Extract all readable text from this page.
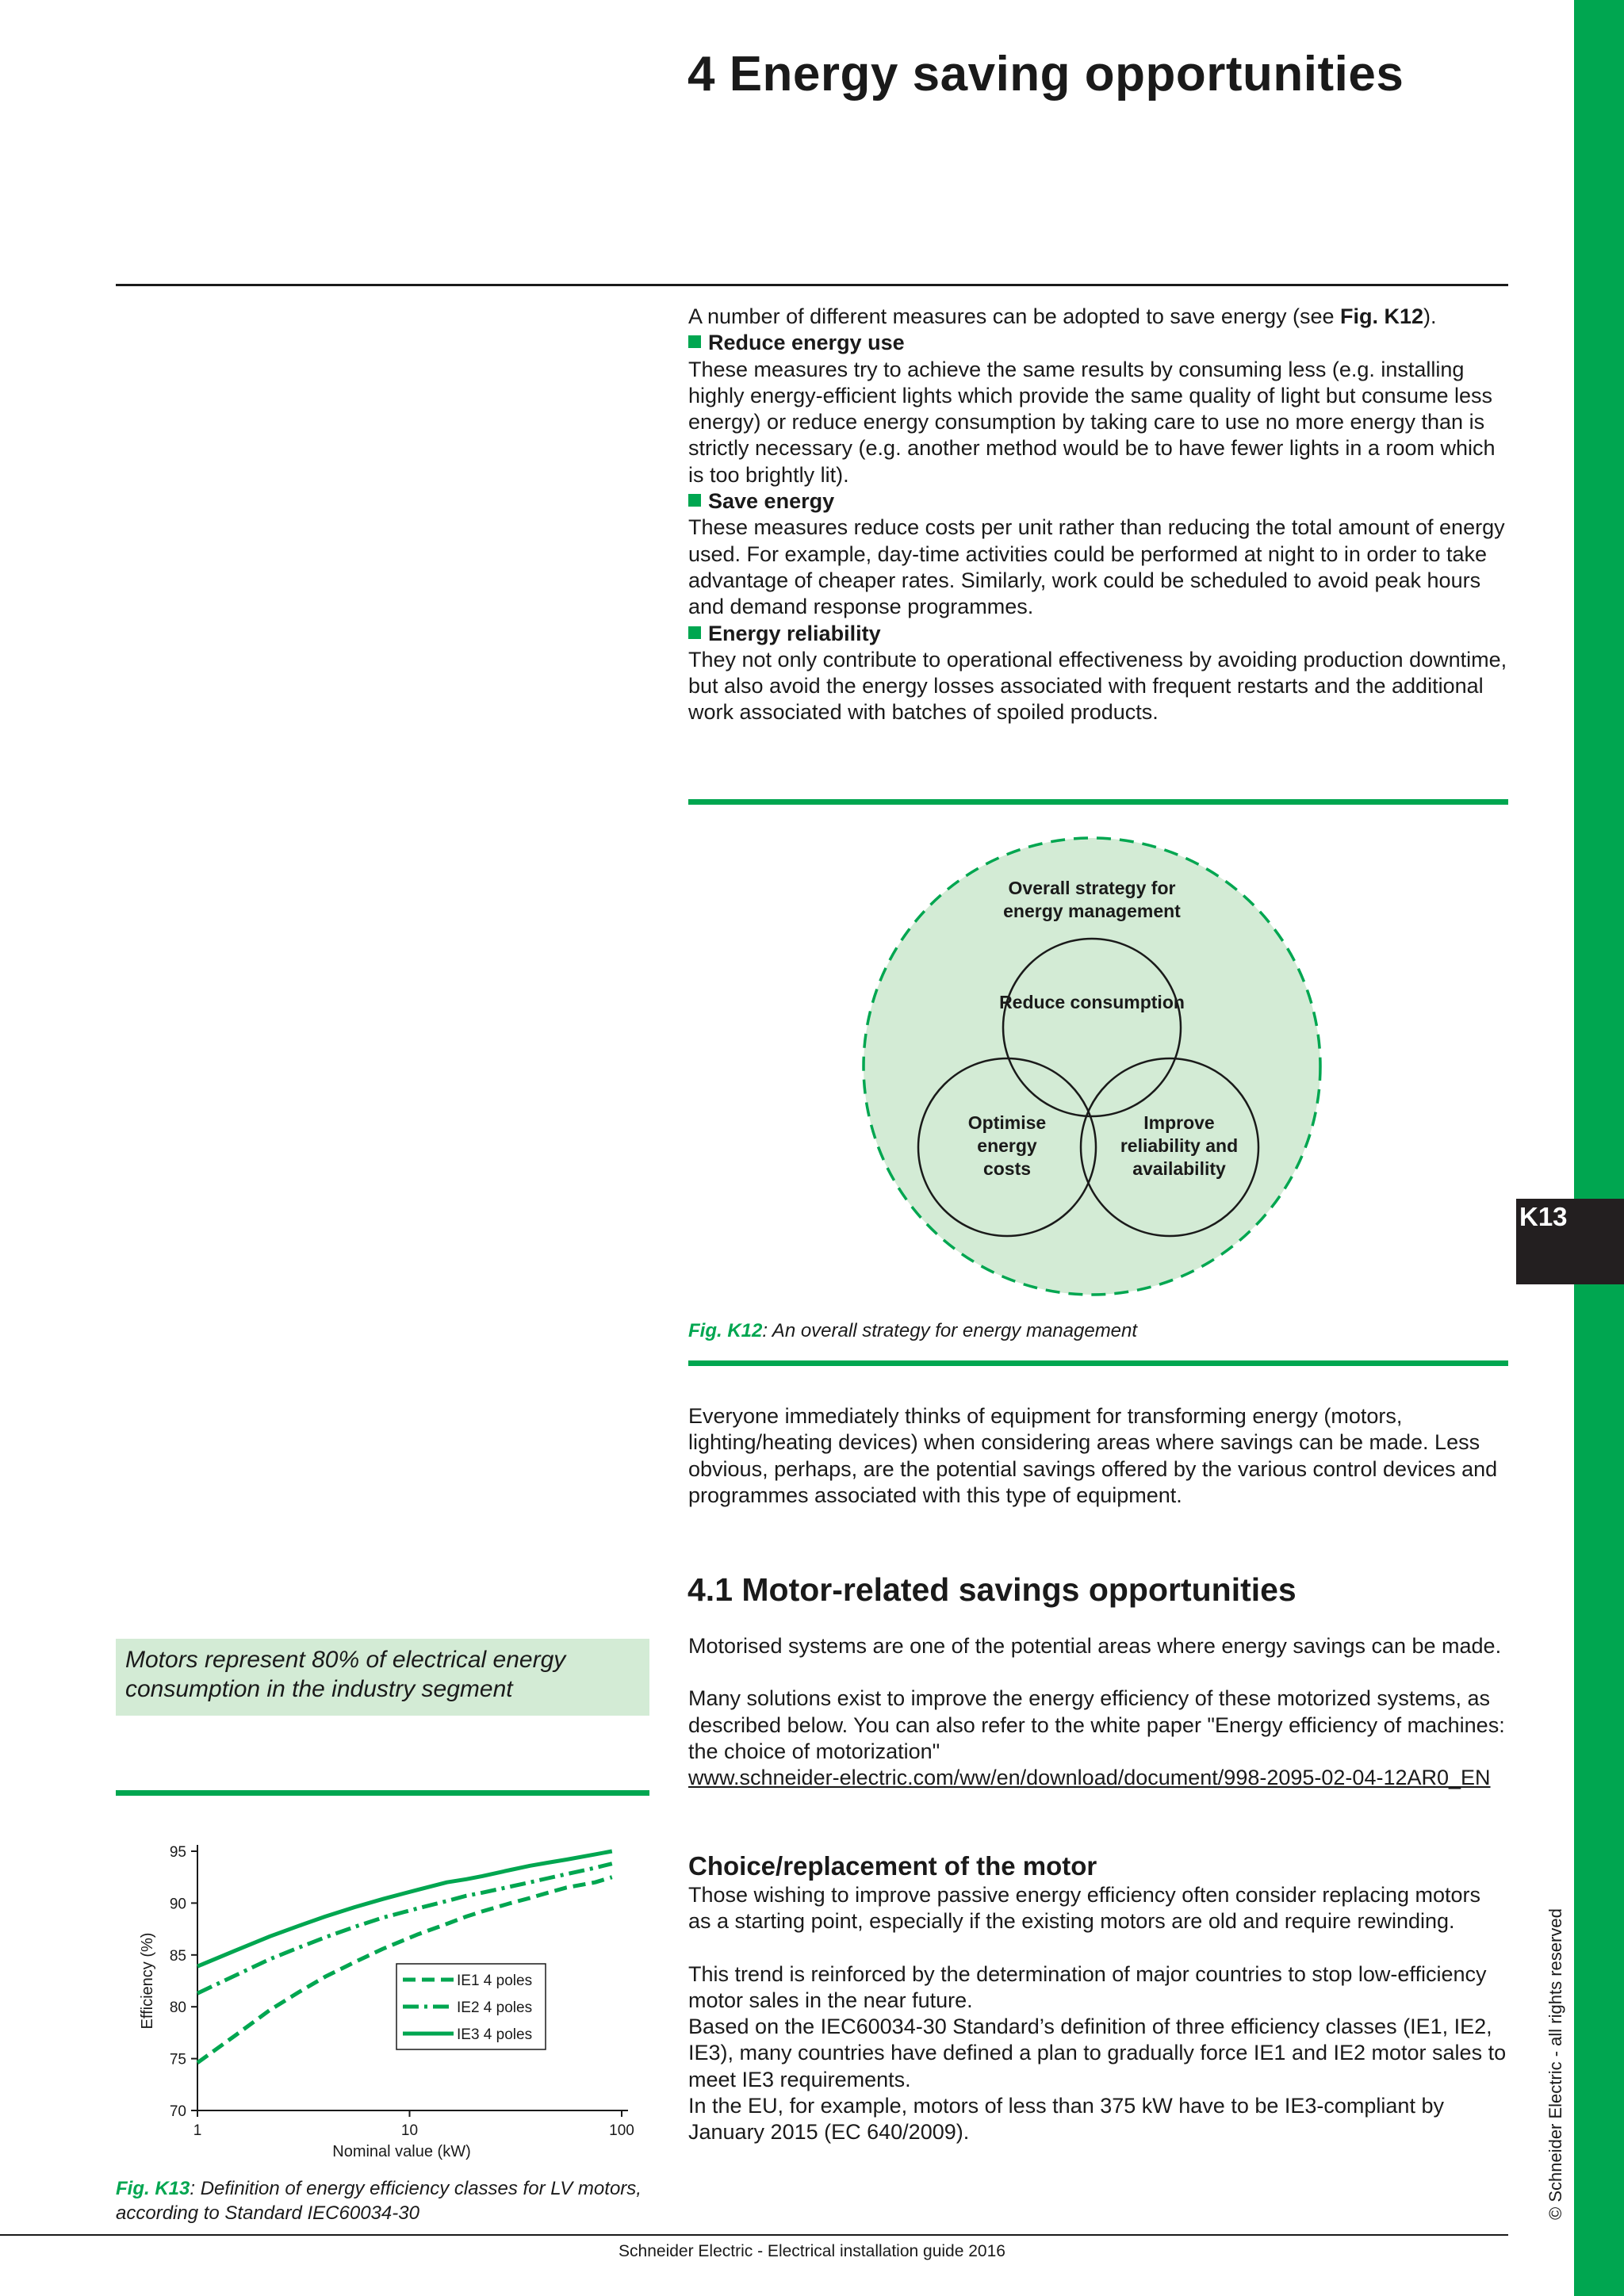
K13
© Schneider Electric - all rights reserved
4 Energy saving opportunities

A number of different measures can be adopted to save energy (see Fig. K12).

Reduce energy use

These measures try to achieve the same results by consuming less (e.g. installing highly energy-efficient lights which provide the same quality of light but consume less energy) or reduce energy consumption by taking care to use no more energy than is strictly necessary (e.g. another method would be to have fewer lights in a room which is too brightly lit).

Save energy

These measures reduce costs per unit rather than reducing the total amount of energy used. For example, day-time activities could be performed at night to in order to take advantage of cheaper rates. Similarly, work could be scheduled to avoid peak hours and demand response programmes.

Energy reliability

They not only contribute to operational effectiveness by avoiding production downtime, but also avoid the energy losses associated with frequent restarts and the additional work associated with batches of spoiled products.

Overall strategy for energy management
Reduce consumption
Optimise energy costs
Improve reliability and availability

Fig. K12: An overall strategy for energy management

Everyone immediately thinks of equipment for transforming energy (motors, lighting/heating devices) when considering areas where savings can be made. Less obvious, perhaps, are the potential savings offered by the various control devices and programmes associated with this type of equipment.
4.1 Motor-related savings opportunities

Motorised systems are one of the potential areas where energy savings can be made.

Many solutions exist to improve the energy efficiency of these motorized systems, as described below. You can also refer to the white paper "Energy efficiency of machines: the choice of motorization"

www.schneider-electric.com/ww/en/download/document/998-2095-02-04-12AR0_EN

Choice/replacement of the motor

Those wishing to improve passive energy efficiency often consider replacing motors as a starting point, especially if the existing motors are old and require rewinding.

This trend is reinforced by the determination of major countries to stop low-efficiency motor sales in the near future.

Based on the IEC60034-30 Standard’s definition of three efficiency classes (IE1, IE2, IE3), many countries have defined a plan to gradually force IE1 and IE2 motor sales to meet IE3 requirements.

In the EU, for example, motors of less than 375 kW have to be IE3-compliant by January 2015 (EC 640/2009).

Motors represent 80% of electrical energy consumption in the industry segment
70
75
80
85
90
95
1	10	100
Nominal value (kW)
Efficiency (%)	IE1 4 poles
IE2 4 poles
IE3 4 poles

Fig. K13: Definition of energy efficiency classes for LV motors, according to Standard IEC60034-30

Schneider Electric - Electrical installation guide 2016
